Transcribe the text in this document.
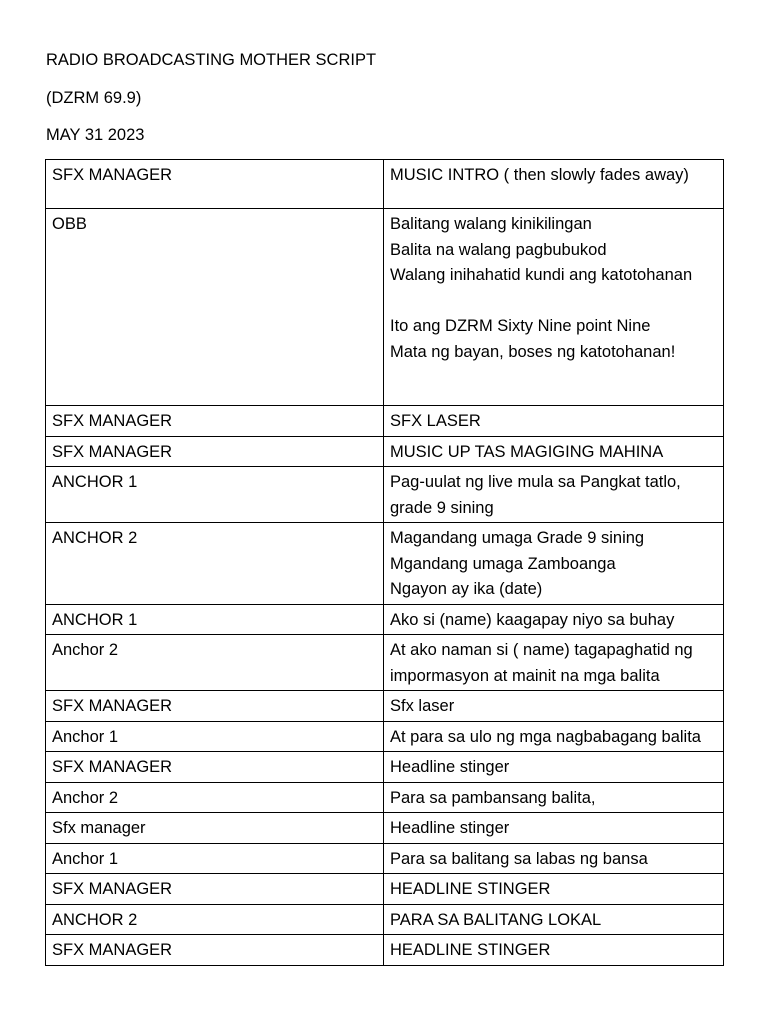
RADIO BROADCASTING MOTHER SCRIPT
(DZRM 69.9)
MAY 31 2023
SFX MANAGER	MUSIC INTRO ( then slowly fades away)
OBB	Balitang walang kinikilingan
Balita na walang pagbubukod
Walang inihahatid kundi ang katotohanan

Ito ang DZRM Sixty Nine point Nine
Mata ng bayan, boses ng katotohanan!
SFX MANAGER	SFX LASER
SFX MANAGER	MUSIC UP TAS MAGIGING MAHINA
ANCHOR 1	Pag-uulat ng live mula sa Pangkat tatlo, grade 9 sining
ANCHOR 2	Magandang umaga Grade 9 sining
Mgandang umaga Zamboanga
Ngayon ay ika (date)
ANCHOR 1	Ako si (name) kaagapay niyo sa buhay
Anchor 2	At ako naman si ( name) tagapaghatid ng impormasyon at mainit na mga balita
SFX MANAGER	Sfx laser
Anchor 1	At para sa ulo ng mga nagbabagang balita
SFX MANAGER	Headline stinger
Anchor 2	Para sa pambansang balita,
Sfx manager	Headline stinger
Anchor 1	Para sa balitang sa labas ng bansa
SFX MANAGER	HEADLINE STINGER
ANCHOR 2	PARA SA BALITANG LOKAL
SFX MANAGER	HEADLINE STINGER
